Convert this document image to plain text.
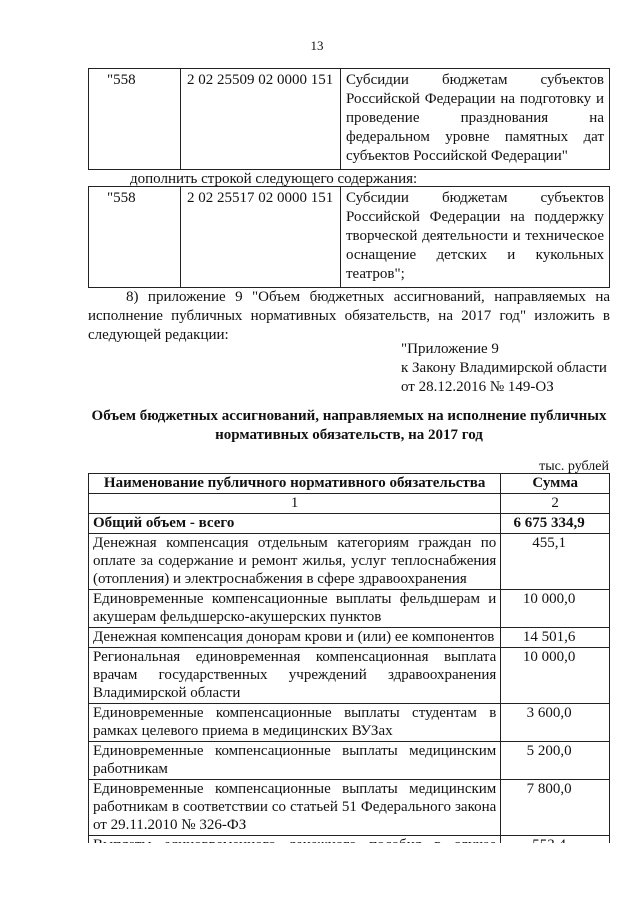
13
"558	2 02 25509 02 0000 151	Субсидии бюджетам субъектов Российской Федерации на подготовку и проведение празднования на федеральном уровне памятных дат субъектов Российской Федерации"
дополнить строкой следующего содержания:
"558	2 02 25517 02 0000 151	Субсидии бюджетам субъектов Российской Федерации на поддержку творческой деятельности и техническое оснащение детских и кукольных театров";
8) приложение 9 "Объем бюджетных ассигнований, направляемых на исполнение публичных нормативных обязательств, на 2017 год" изложить в следующей редакции:
"Приложение 9
к Закону Владимирской области
от 28.12.2016 № 149-ОЗ
Объем бюджетных ассигнований, направляемых на исполнение публичных нормативных обязательств, на 2017 год
тыс. рублей
Наименование публичного нормативного обязательства	Сумма
1	2
Общий объем - всего	6 675 334,9
Денежная компенсация отдельным категориям граждан по оплате за содержание и ремонт жилья, услуг теплоснабжения (отопления) и электроснабжения в сфере здравоохранения	455,1
Единовременные компенсационные выплаты фельдшерам и акушерам фельдшерско-акушерских пунктов	10 000,0
Денежная компенсация донорам крови и (или) ее компонентов	14 501,6
Региональная единовременная компенсационная выплата врачам государственных учреждений здравоохранения Владимирской области	10 000,0
Единовременные компенсационные выплаты студентам в рамках целевого приема в медицинских ВУЗах	3 600,0
Единовременные компенсационные выплаты медицинским работникам	5 200,0
Единовременные компенсационные выплаты медицинским работникам в соответствии со статьей 51 Федерального закона от 29.11.2010 № 326-ФЗ	7 800,0
